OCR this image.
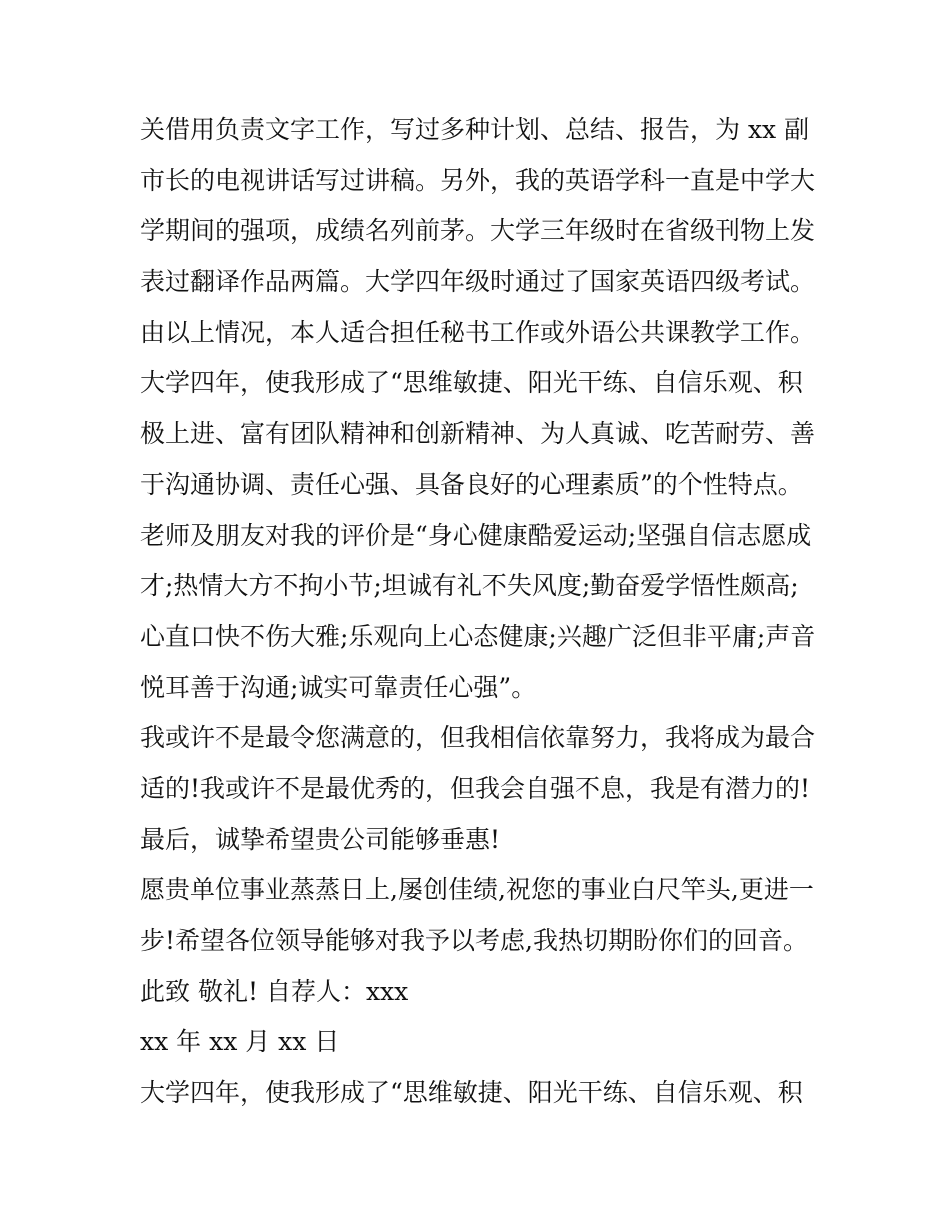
关借用负责文字工作，写过多种计划、总结、报告，为 xx 副

市长的电视讲话写过讲稿。另外，我的英语学科一直是中学大

学期间的强项，成绩名列前茅。大学三年级时在省级刊物上发

表过翻译作品两篇。大学四年级时通过了国家英语四级考试。

由以上情况，本人适合担任秘书工作或外语公共课教学工作。

大学四年，使我形成了“思维敏捷、阳光干练、自信乐观、积

极上进、富有团队精神和创新精神、为人真诚、吃苦耐劳、善

于沟通协调、责任心强、具备良好的心理素质”的个性特点。

老师及朋友对我的评价是“身心健康酷爱运动;坚强自信志愿成

才;热情大方不拘小节;坦诚有礼不失风度;勤奋爱学悟性颇高;

心直口快不伤大雅;乐观向上心态健康;兴趣广泛但非平庸;声音

悦耳善于沟通;诚实可靠责任心强”。

我或许不是最令您满意的，但我相信依靠努力，我将成为最合

适的!我或许不是最优秀的，但我会自强不息，我是有潜力的!

最后，诚挚希望贵公司能够垂惠!

愿贵单位事业蒸蒸日上,屡创佳绩,祝您的事业白尺竿头,更进一

步!希望各位领导能够对我予以考虑,我热切期盼你们的回音。

此致 敬礼! 自荐人：xxx

xx 年 xx 月 xx 日

大学四年，使我形成了“思维敏捷、阳光干练、自信乐观、积
